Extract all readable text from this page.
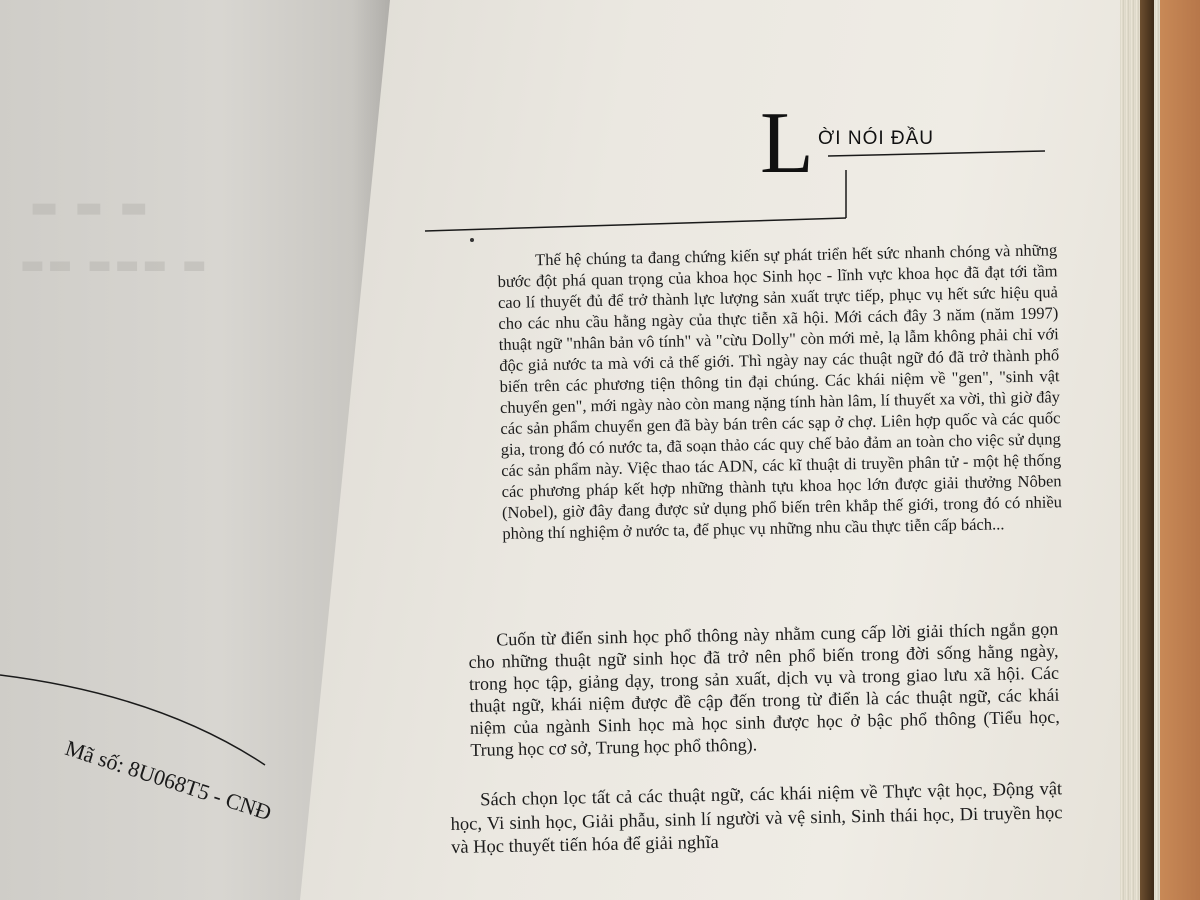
▬ ▬ ▬
▬▬ ▬▬▬ ▬
Mã số: 8U068T5 - CNĐ
L ỜI NÓI ĐẦU
Thế hệ chúng ta đang chứng kiến sự phát triển hết sức nhanh chóng và những bước đột phá quan trọng của khoa học Sinh học - lĩnh vực khoa học đã đạt tới tầm cao lí thuyết đủ để trở thành lực lượng sản xuất trực tiếp, phục vụ hết sức hiệu quả cho các nhu cầu hằng ngày của thực tiễn xã hội. Mới cách đây 3 năm (năm 1997) thuật ngữ "nhân bản vô tính" và "cừu Dolly" còn mới mẻ, lạ lẫm không phải chỉ với độc giả nước ta mà với cả thế giới. Thì ngày nay các thuật ngữ đó đã trở thành phổ biến trên các phương tiện thông tin đại chúng. Các khái niệm về "gen", "sinh vật chuyển gen", mới ngày nào còn mang nặng tính hàn lâm, lí thuyết xa vời, thì giờ đây các sản phẩm chuyển gen đã bày bán trên các sạp ở chợ. Liên hợp quốc và các quốc gia, trong đó có nước ta, đã soạn thảo các quy chế bảo đảm an toàn cho việc sử dụng các sản phẩm này. Việc thao tác ADN, các kĩ thuật di truyền phân tử - một hệ thống các phương pháp kết hợp những thành tựu khoa học lớn được giải thưởng Nôben (Nobel), giờ đây đang được sử dụng phổ biến trên khắp thế giới, trong đó có nhiều phòng thí nghiệm ở nước ta, để phục vụ những nhu cầu thực tiễn cấp bách...
Cuốn từ điển sinh học phổ thông này nhằm cung cấp lời giải thích ngắn gọn cho những thuật ngữ sinh học đã trở nên phổ biến trong đời sống hằng ngày, trong học tập, giảng dạy, trong sản xuất, dịch vụ và trong giao lưu xã hội. Các thuật ngữ, khái niệm được đề cập đến trong từ điển là các thuật ngữ, các khái niệm của ngành Sinh học mà học sinh được học ở bậc phổ thông (Tiểu học, Trung học cơ sở, Trung học phổ thông).
Sách chọn lọc tất cả các thuật ngữ, các khái niệm về Thực vật học, Động vật học, Vi sinh học, Giải phẫu, sinh lí người và vệ sinh, Sinh thái học, Di truyền học và Học thuyết tiến hóa để giải nghĩa
